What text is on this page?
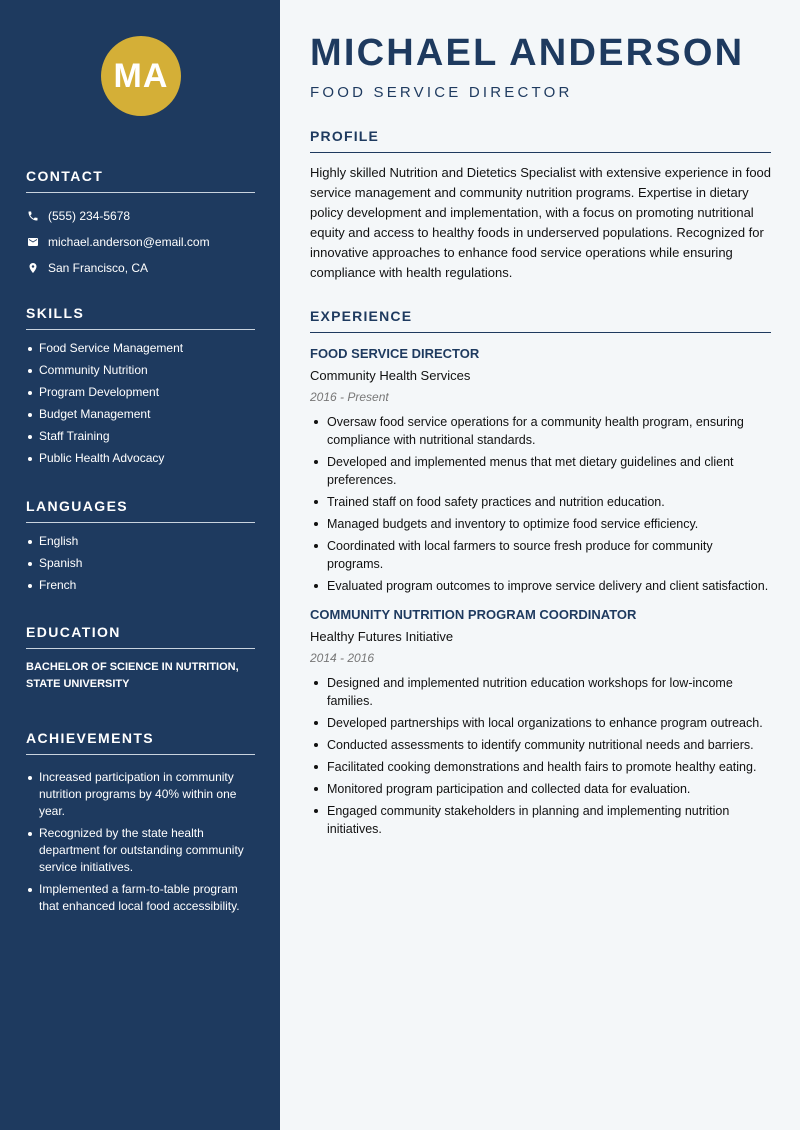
MA
CONTACT
(555) 234-5678
michael.anderson@email.com
San Francisco, CA
SKILLS
Food Service Management
Community Nutrition
Program Development
Budget Management
Staff Training
Public Health Advocacy
LANGUAGES
English
Spanish
French
EDUCATION
BACHELOR OF SCIENCE IN NUTRITION, STATE UNIVERSITY
ACHIEVEMENTS
Increased participation in community nutrition programs by 40% within one year.
Recognized by the state health department for outstanding community service initiatives.
Implemented a farm-to-table program that enhanced local food accessibility.
MICHAEL ANDERSON
FOOD SERVICE DIRECTOR
PROFILE
Highly skilled Nutrition and Dietetics Specialist with extensive experience in food service management and community nutrition programs. Expertise in dietary policy development and implementation, with a focus on promoting nutritional equity and access to healthy foods in underserved populations. Recognized for innovative approaches to enhance food service operations while ensuring compliance with health regulations.
EXPERIENCE
FOOD SERVICE DIRECTOR
Community Health Services
2016 - Present
Oversaw food service operations for a community health program, ensuring compliance with nutritional standards.
Developed and implemented menus that met dietary guidelines and client preferences.
Trained staff on food safety practices and nutrition education.
Managed budgets and inventory to optimize food service efficiency.
Coordinated with local farmers to source fresh produce for community programs.
Evaluated program outcomes to improve service delivery and client satisfaction.
COMMUNITY NUTRITION PROGRAM COORDINATOR
Healthy Futures Initiative
2014 - 2016
Designed and implemented nutrition education workshops for low-income families.
Developed partnerships with local organizations to enhance program outreach.
Conducted assessments to identify community nutritional needs and barriers.
Facilitated cooking demonstrations and health fairs to promote healthy eating.
Monitored program participation and collected data for evaluation.
Engaged community stakeholders in planning and implementing nutrition initiatives.
